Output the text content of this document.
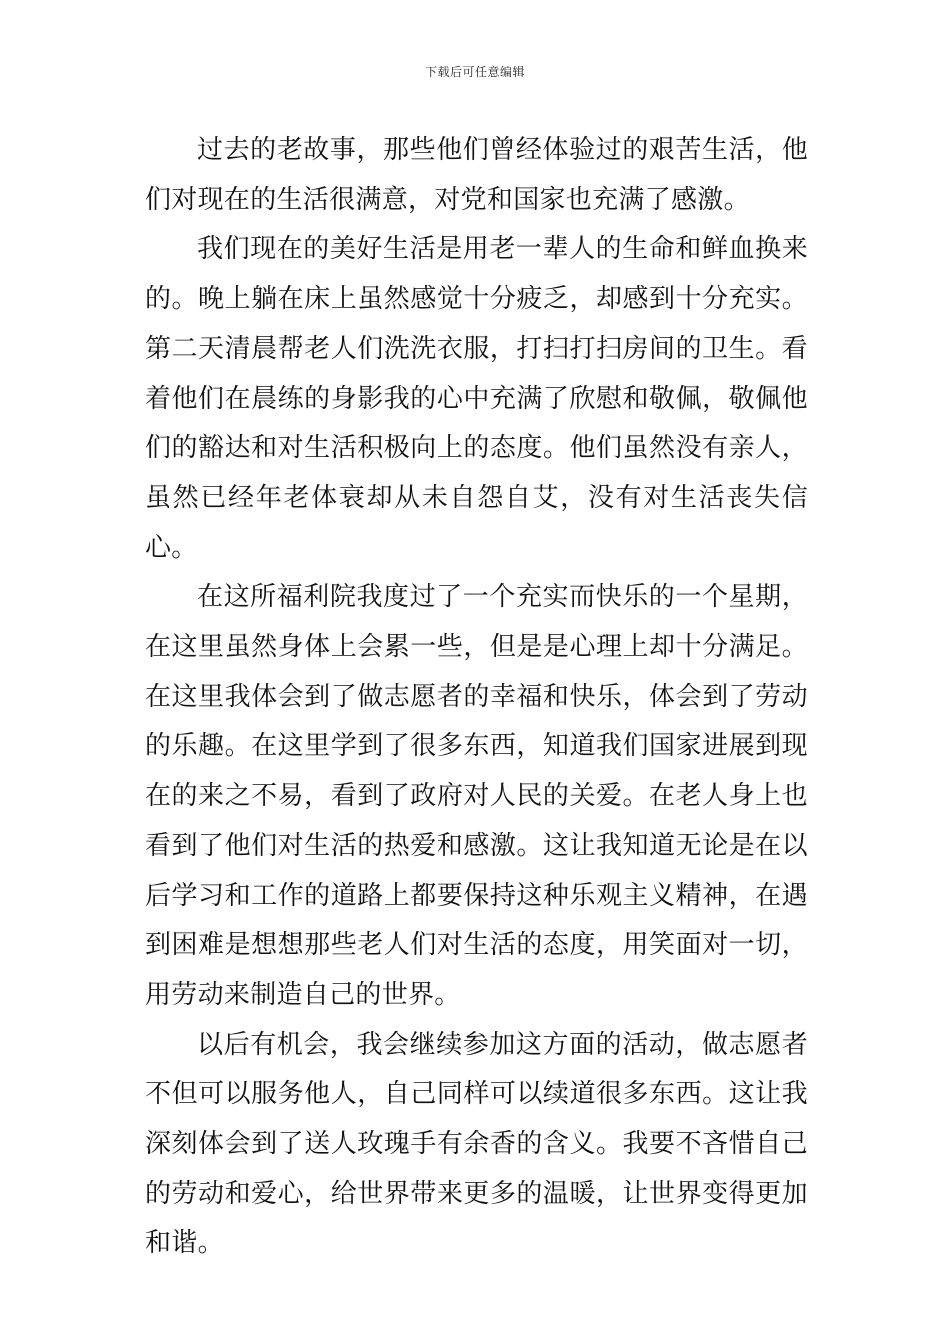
下载后可任意编辑

过去的老故事，那些他们曾经体验过的艰苦生活，他们对现在的生活很满意，对党和国家也充满了感激。

我们现在的美好生活是用老一辈人的生命和鲜血换来的。晚上躺在床上虽然感觉十分疲乏，却感到十分充实。第二天清晨帮老人们洗洗衣服，打扫打扫房间的卫生。看着他们在晨练的身影我的心中充满了欣慰和敬佩，敬佩他们的豁达和对生活积极向上的态度。他们虽然没有亲人，虽然已经年老体衰却从未自怨自艾，没有对生活丧失信心。

在这所福利院我度过了一个充实而快乐的一个星期，在这里虽然身体上会累一些，但是是心理上却十分满足。在这里我体会到了做志愿者的幸福和快乐，体会到了劳动的乐趣。在这里学到了很多东西，知道我们国家进展到现在的来之不易，看到了政府对人民的关爱。在老人身上也看到了他们对生活的热爱和感激。这让我知道无论是在以后学习和工作的道路上都要保持这种乐观主义精神，在遇到困难是想想那些老人们对生活的态度，用笑面对一切，用劳动来制造自己的世界。

以后有机会，我会继续参加这方面的活动，做志愿者不但可以服务他人，自己同样可以续道很多东西。这让我深刻体会到了送人玫瑰手有余香的含义。我要不吝惜自己的劳动和爱心，给世界带来更多的温暖，让世界变得更加和谐。
